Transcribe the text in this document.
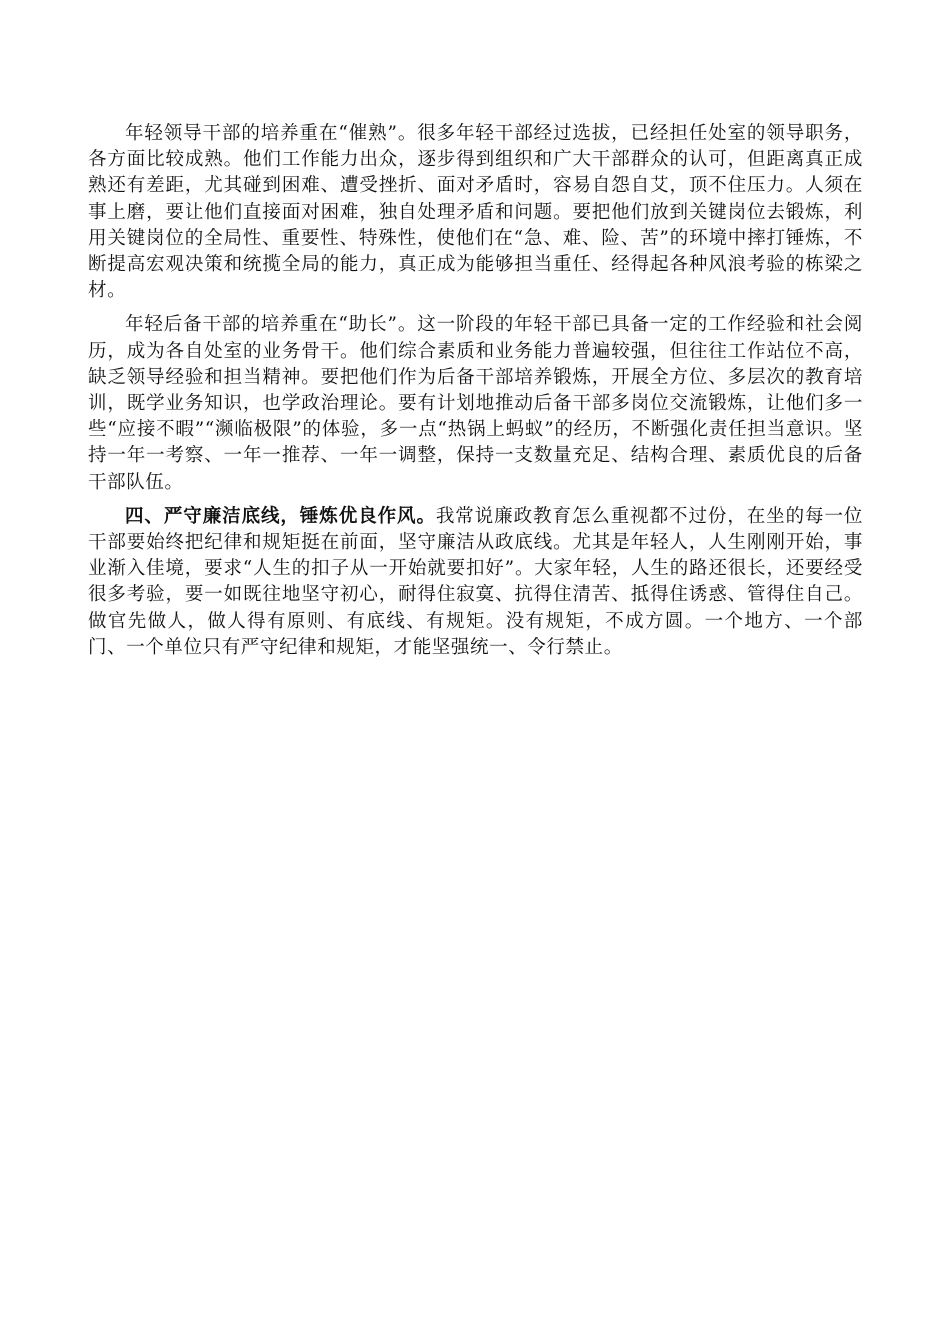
年轻领导干部的培养重在“催熟”。很多年轻干部经过选拔，已经担任处室的领导职务，各方面比较成熟。他们工作能力出众，逐步得到组织和广大干部群众的认可，但距离真正成熟还有差距，尤其碰到困难、遭受挫折、面对矛盾时，容易自怨自艾，顶不住压力。人须在事上磨，要让他们直接面对困难，独自处理矛盾和问题。要把他们放到关键岗位去锻炼，利用关键岗位的全局性、重要性、特殊性，使他们在“急、难、险、苦”的环境中摔打锤炼，不断提高宏观决策和统揽全局的能力，真正成为能够担当重任、经得起各种风浪考验的栋梁之材。

年轻后备干部的培养重在“助长”。这一阶段的年轻干部已具备一定的工作经验和社会阅历，成为各自处室的业务骨干。他们综合素质和业务能力普遍较强，但往往工作站位不高，缺乏领导经验和担当精神。要把他们作为后备干部培养锻炼，开展全方位、多层次的教育培训，既学业务知识，也学政治理论。要有计划地推动后备干部多岗位交流锻炼，让他们多一些“应接不暇”“濒临极限”的体验，多一点“热锅上蚂蚁”的经历，不断强化责任担当意识。坚持一年一考察、一年一推荐、一年一调整，保持一支数量充足、结构合理、素质优良的后备干部队伍。

四、严守廉洁底线，锤炼优良作风。我常说廉政教育怎么重视都不过份，在坐的每一位干部要始终把纪律和规矩挺在前面，坚守廉洁从政底线。尤其是年轻人，人生刚刚开始，事业渐入佳境，要求“人生的扣子从一开始就要扣好”。大家年轻，人生的路还很长，还要经受很多考验，要一如既往地坚守初心，耐得住寂寞、抗得住清苦、抵得住诱惑、管得住自己。做官先做人，做人得有原则、有底线、有规矩。没有规矩，不成方圆。一个地方、一个部门、一个单位只有严守纪律和规矩，才能坚强统一、令行禁止。
